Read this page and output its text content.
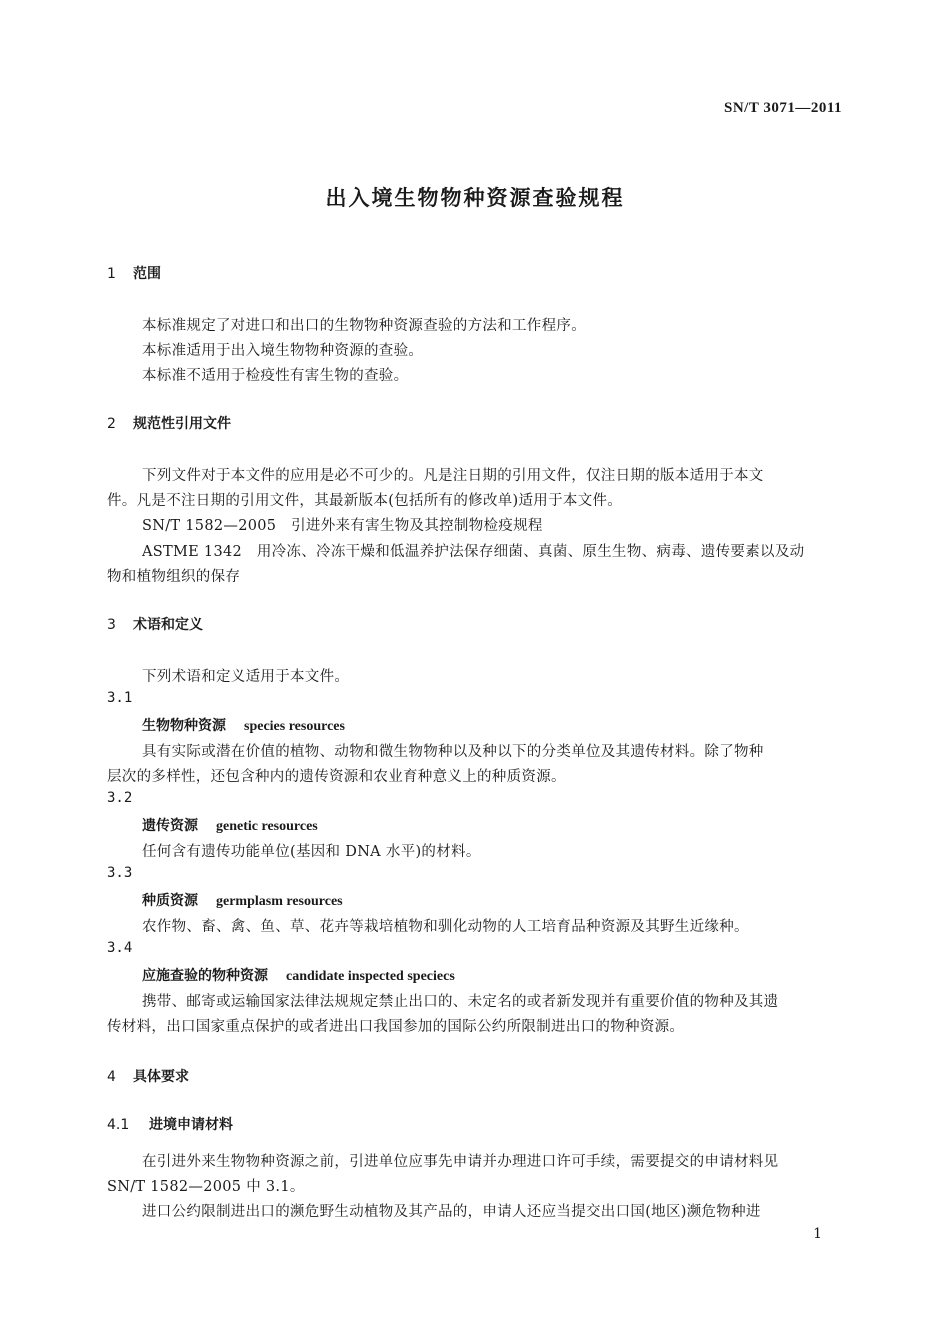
SN/T 3071—2011
出入境生物物种资源查验规程
1 范围
本标准规定了对进口和出口的生物物种资源查验的方法和工作程序。
本标准适用于出入境生物物种资源的查验。
本标准不适用于检疫性有害生物的查验。
2 规范性引用文件
下列文件对于本文件的应用是必不可少的。凡是注日期的引用文件，仅注日期的版本适用于本文
件。凡是不注日期的引用文件，其最新版本(包括所有的修改单)适用于本文件。
SN/T 1582—2005　引进外来有害生物及其控制物检疫规程
ASTME 1342　用冷冻、冷冻干燥和低温养护法保存细菌、真菌、原生生物、病毒、遗传要素以及动
物和植物组织的保存
3 术语和定义
下列术语和定义适用于本文件。
3.1
生物物种资源 species resources
具有实际或潜在价值的植物、动物和微生物物种以及种以下的分类单位及其遗传材料。除了物种
层次的多样性，还包含种内的遗传资源和农业育种意义上的种质资源。
3.2
遗传资源 genetic resources
任何含有遗传功能单位(基因和 DNA 水平)的材料。
3.3
种质资源 germplasm resources
农作物、畜、禽、鱼、草、花卉等栽培植物和驯化动物的人工培育品种资源及其野生近缘种。
3.4
应施查验的物种资源 candidate inspected speciecs
携带、邮寄或运输国家法律法规规定禁止出口的、未定名的或者新发现并有重要价值的物种及其遗
传材料，出口国家重点保护的或者进出口我国参加的国际公约所限制进出口的物种资源。
4 具体要求
4.1 进境申请材料
在引进外来生物物种资源之前，引进单位应事先申请并办理进口许可手续，需要提交的申请材料见
SN/T 1582—2005 中 3.1。
进口公约限制进出口的濒危野生动植物及其产品的，申请人还应当提交出口国(地区)濒危物种进
1
